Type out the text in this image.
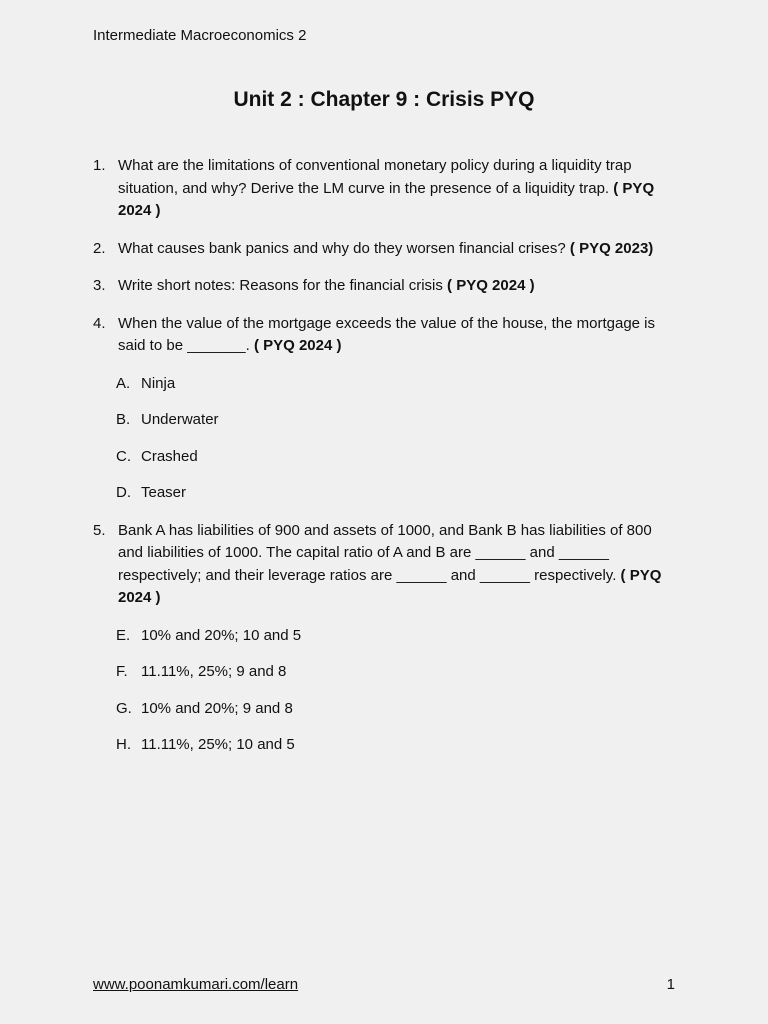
Intermediate Macroeconomics 2
Unit 2 : Chapter 9 : Crisis PYQ
1. What are the limitations of conventional monetary policy during a liquidity trap situation, and why? Derive the LM curve in the presence of a liquidity trap. ( PYQ 2024 )
2. What causes bank panics and why do they worsen financial crises? ( PYQ 2023)
3. Write short notes: Reasons for the financial crisis ( PYQ 2024 )
4. When the value of the mortgage exceeds the value of the house, the mortgage is said to be _______. ( PYQ 2024 )
A. Ninja
B. Underwater
C. Crashed
D. Teaser
5. Bank A has liabilities of 900 and assets of 1000, and Bank B has liabilities of 800 and liabilities of 1000. The capital ratio of A and B are ______ and ______ respectively; and their leverage ratios are ______ and ______ respectively. ( PYQ 2024 )
E. 10% and 20%; 10 and 5
F. 11.11%, 25%; 9 and 8
G. 10% and 20%; 9 and 8
H. 11.11%, 25%; 10 and 5
www.poonamkumari.com/learn	1
